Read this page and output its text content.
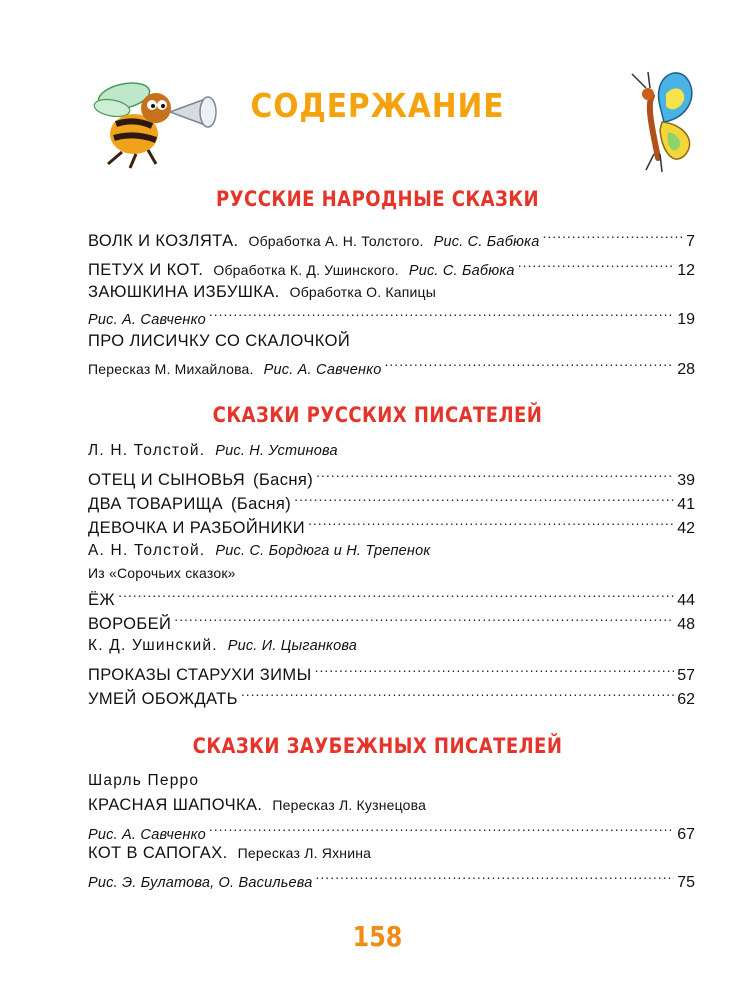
СОДЕРЖАНИЕ
РУССКИЕ НАРОДНЫЕ СКАЗКИ
ВОЛК И КОЗЛЯТА. Обработка А. Н. Толстого. Рис. С. Бабюка .....	7
ПЕТУХ И КОТ. Обработка К. Д. Ушинского. Рис. С. Бабюка .....	12
ЗАЮШКИНА ИЗБУШКА. Обработка О. Капицы
Рис. А. Савченко .....	19
ПРО ЛИСИЧКУ СО СКАЛОЧКОЙ
Пересказ М. Михайлова. Рис. А. Савченко .....	28
СКАЗКИ РУССКИХ ПИСАТЕЛЕЙ
Л. Н. Толстой. Рис. Н. Устинова
ОТЕЦ И СЫНОВЬЯ (Басня) .....	39
ДВА ТОВАРИЩА (Басня) .....	41
ДЕВОЧКА И РАЗБОЙНИКИ .....	42
А. Н. Толстой. Рис. С. Бордюга и Н. Трепенок
Из «Сорочьих сказок»
ЁЖ .....	44
ВОРОБЕЙ .....	48
К. Д. Ушинский. Рис. И. Цыганкова
ПРОКАЗЫ СТАРУХИ ЗИМЫ .....	57
УМЕЙ ОБОЖДАТЬ .....	62
СКАЗКИ ЗАУБЕЖНЫХ ПИСАТЕЛЕЙ
Шарль Перро
КРАСНАЯ ШАПОЧКА. Пересказ Л. Кузнецова
Рис. А. Савченко .....	67
КОТ В САПОГАХ. Пересказ Л. Яхнина
Рис. Э. Булатова, О. Васильева .....	75
158
